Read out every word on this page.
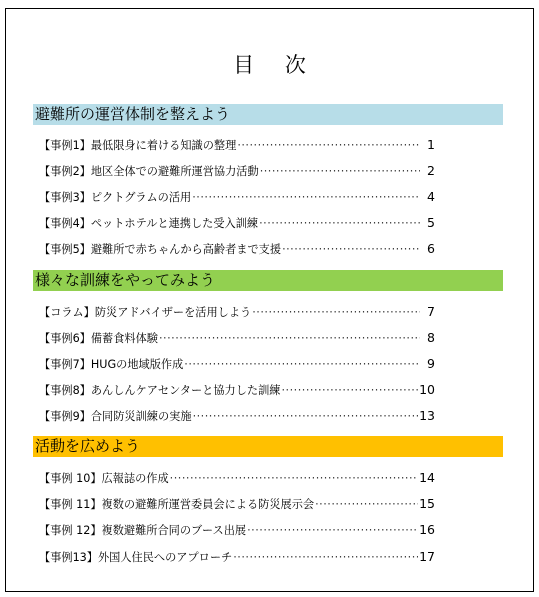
目 次
避難所の運営体制を整えよう
【事例1】最低限身に着ける知識の整理 ·····	1
【事例2】地区全体での避難所運営協力活動 ·····	2
【事例3】ピクトグラムの活用 ·····	4
【事例4】ペットホテルと連携した受入訓練 ·····	5
【事例5】避難所で赤ちゃんから高齢者まで支援 ·····	6
様々な訓練をやってみよう
【コラム】防災アドバイザーを活用しよう ·····	7
【事例6】備蓄食料体験 ·····	8
【事例7】HUGの地域版作成 ·····	9
【事例8】あんしんケアセンターと協力した訓練 ·····	10
【事例9】合同防災訓練の実施 ·····	13
活動を広めよう
【事例 10】広報誌の作成 ·····	14
【事例 11】複数の避難所運営委員会による防災展示会 ·····	15
【事例 12】複数避難所合同のブース出展 ·····	16
【事例13】外国人住民へのアプローチ ·····	17
